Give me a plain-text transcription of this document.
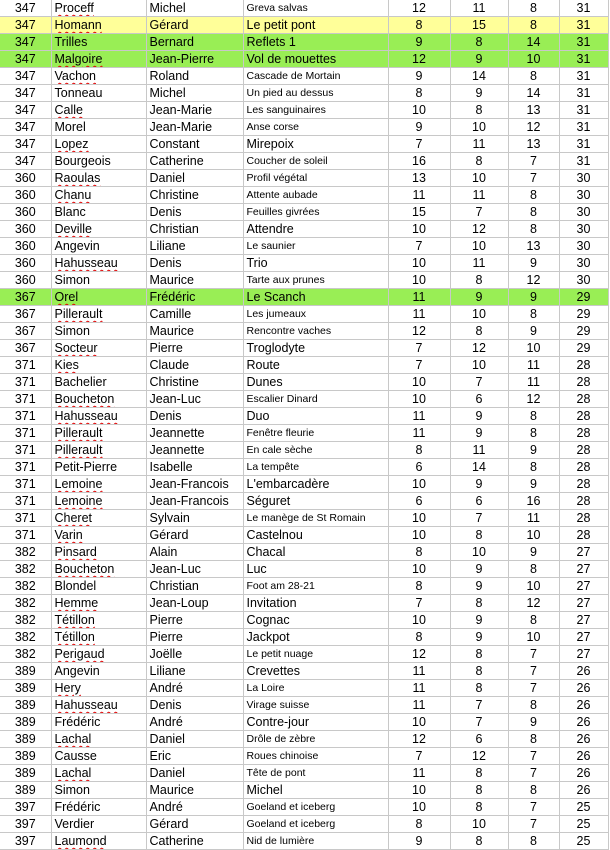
347	Proceff	Michel	Greva salvas	12	11	8	31
347	Homann	Gérard	Le petit pont	8	15	8	31
347	Trilles	Bernard	Reflets 1	9	8	14	31
347	Malgoire	Jean-Pierre	Vol de mouettes	12	9	10	31
347	Vachon	Roland	Cascade de Mortain	9	14	8	31
347	Tonneau	Michel	Un pied au dessus	8	9	14	31
347	Calle	Jean-Marie	Les sanguinaires	10	8	13	31
347	Morel	Jean-Marie	Anse corse	9	10	12	31
347	Lopez	Constant	Mirepoix	7	11	13	31
347	Bourgeois	Catherine	Coucher de soleil	16	8	7	31
360	Raoulas	Daniel	Profil végétal	13	10	7	30
360	Chanu	Christine	Attente aubade	11	11	8	30
360	Blanc	Denis	Feuilles givrées	15	7	8	30
360	Deville	Christian	Attendre	10	12	8	30
360	Angevin	Liliane	Le saunier	7	10	13	30
360	Hahusseau	Denis	Trio	10	11	9	30
360	Simon	Maurice	Tarte aux prunes	10	8	12	30
367	Orel	Frédéric	Le Scanch	11	9	9	29
367	Pillerault	Camille	Les jumeaux	11	10	8	29
367	Simon	Maurice	Rencontre vaches	12	8	9	29
367	Socteur	Pierre	Troglodyte	7	12	10	29
371	Kies	Claude	Route	7	10	11	28
371	Bachelier	Christine	Dunes	10	7	11	28
371	Boucheton	Jean-Luc	Escalier Dinard	10	6	12	28
371	Hahusseau	Denis	Duo	11	9	8	28
371	Pillerault	Jeannette	Fenêtre fleurie	11	9	8	28
371	Pillerault	Jeannette	En cale sèche	8	11	9	28
371	Petit-Pierre	Isabelle	La tempête	6	14	8	28
371	Lemoine	Jean-Francois	L'embarcadère	10	9	9	28
371	Lemoine	Jean-Francois	Séguret	6	6	16	28
371	Cheret	Sylvain	Le manège de St Romain	10	7	11	28
371	Varin	Gérard	Castelnou	10	8	10	28
382	Pinsard	Alain	Chacal	8	10	9	27
382	Boucheton	Jean-Luc	Luc	10	9	8	27
382	Blondel	Christian	Foot am 28-21	8	9	10	27
382	Hemme	Jean-Loup	Invitation	7	8	12	27
382	Tétillon	Pierre	Cognac	10	9	8	27
382	Tétillon	Pierre	Jackpot	8	9	10	27
382	Perigaud	Joëlle	Le petit nuage	12	8	7	27
389	Angevin	Liliane	Crevettes	11	8	7	26
389	Hery	André	La Loire	11	8	7	26
389	Hahusseau	Denis	Virage suisse	11	7	8	26
389	Frédéric	André	Contre-jour	10	7	9	26
389	Lachal	Daniel	Drôle de zèbre	12	6	8	26
389	Causse	Eric	Roues chinoise	7	12	7	26
389	Lachal	Daniel	Tête de pont	11	8	7	26
389	Simon	Maurice	Michel	10	8	8	26
397	Frédéric	André	Goeland et iceberg	10	8	7	25
397	Verdier	Gérard	Goeland et iceberg	8	10	7	25
397	Laumond	Catherine	Nid de lumière	9	8	8	25
